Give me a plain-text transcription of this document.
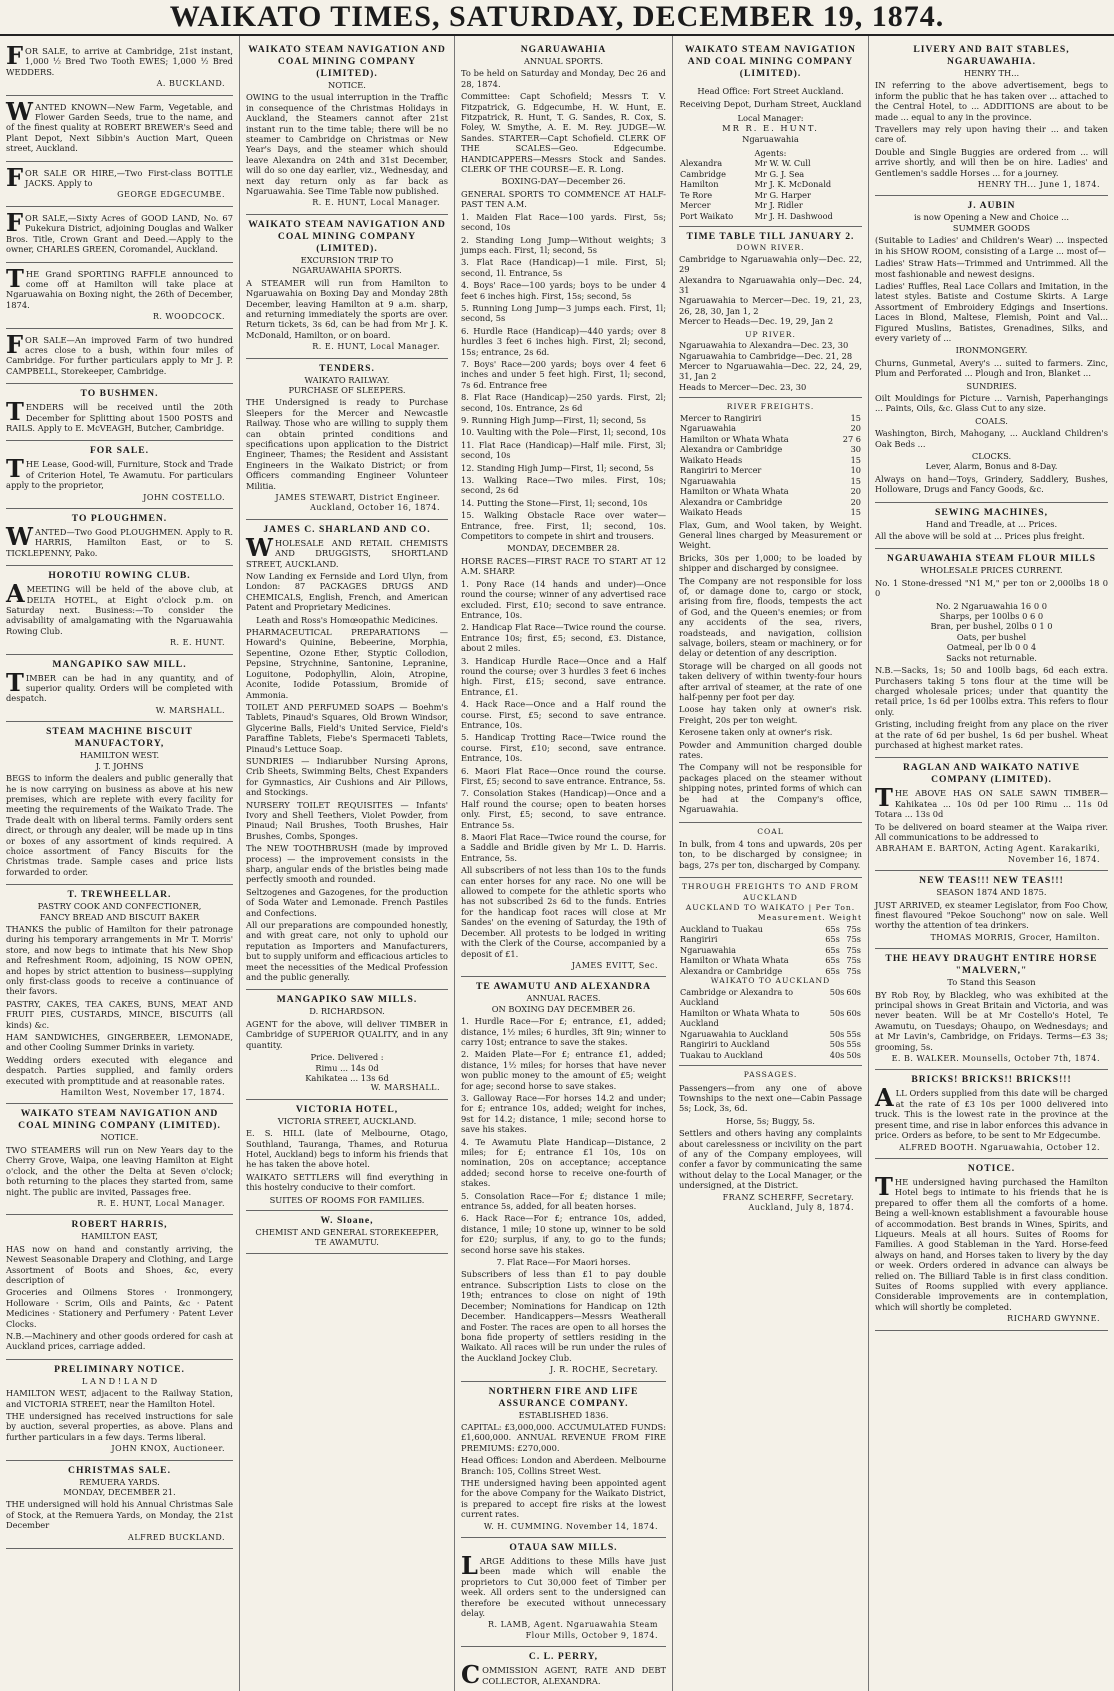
WAIKATO TIMES, SATURDAY, DECEMBER 19, 1874.
FOR SALE, to arrive at Cambridge, 21st instant, 1,000 ½ Bred Two Tooth EWES; 1,000 ½ Bred WEDDERS.
A. BUCKLAND.
WANTED KNOWN—New Farm, Vegetable, and Flower Garden Seeds, true to the name, and of the finest quality at ROBERT BREWER's Seed and Plant Depot, Next Sibbin's Auction Mart, Queen street, Auckland.
FOR SALE OR HIRE,—Two First-class BOTTLE JACKS. Apply to
GEORGE EDGECUMBE.
FOR SALE,—Sixty Acres of GOOD LAND, No. 67 Pukekura District, adjoining Douglas and Walker Bros. Title, Crown Grant and Deed.—Apply to the owner, CHARLES GREEN, Coromandel, Auckland.
THE Grand SPORTING RAFFLE announced to come off at Hamilton will take place at Ngaruawahia on Boxing night, the 26th of December, 1874.
R. WOODCOCK.
FOR SALE—An improved Farm of two hundred acres close to a bush, within four miles of Cambridge. For further particulars apply to Mr J. P. CAMPBELL, Storekeeper, Cambridge.
TO BUSHMEN.
TENDERS will be received until the 20th December for Splitting about 1500 POSTS and RAILS. Apply to E. McVEAGH, Butcher, Cambridge.
FOR SALE.
THE Lease, Good-will, Furniture, Stock and Trade of Criterion Hotel, Te Awamutu. For particulars apply to the proprietor,
JOHN COSTELLO.
TO PLOUGHMEN.
WANTED—Two Good PLOUGHMEN. Apply to R. HARRIS, Hamilton East, or to S. TICKLEPENNY, Pako.
HOROTIU ROWING CLUB.
AMEETING will be held of the above club, at DELTA HOTEL, at Eight o'clock p.m. on Saturday next. Business:—To consider the advisability of amalgamating with the Ngaruawahia Rowing Club.
R. E. HUNT.
MANGAPIKO SAW MILL.
TIMBER can be had in any quantity, and of superior quality. Orders will be completed with despatch.
W. MARSHALL.
STEAM MACHINE BISCUIT MANUFACTORY,
HAMILTON WEST.
J. T. JOHNS
BEGS to inform the dealers and public generally that he is now carrying on business as above at his new premises, which are replete with every facility for meeting the requirements of the Waikato Trade. The Trade dealt with on liberal terms. Family orders sent direct, or through any dealer, will be made up in tins or boxes of any assortment of kinds required. A choice assortment of Fancy Biscuits for the Christmas trade. Sample cases and price lists forwarded to order.
T. TREWHEELLAR.
PASTRY COOK AND CONFECTIONER,
FANCY BREAD AND BISCUIT BAKER
THANKS the public of Hamilton for their patronage during his temporary arrangements in Mr T. Morris' store, and now begs to intimate that his New Shop and Refreshment Room, adjoining, IS NOW OPEN, and hopes by strict attention to business—supplying only first-class goods to receive a continuance of their favors.
PASTRY, CAKES, TEA CAKES, BUNS, MEAT AND FRUIT PIES, CUSTARDS, MINCE, BISCUITS (all kinds) &c.
HAM SANDWICHES, GINGERBEER, LEMONADE, and other Cooling Summer Drinks in variety.
Wedding orders executed with elegance and despatch. Parties supplied, and family orders executed with promptitude and at reasonable rates.
Hamilton West, November 17, 1874.
WAIKATO STEAM NAVIGATION AND COAL MINING COMPANY (LIMITED).
NOTICE.
TWO STEAMERS will run on New Years day to the Cherry Grove, Waipa, one leaving Hamilton at Eight o'clock, and the other the Delta at Seven o'clock; both returning to the places they started from, same night. The public are invited, Passages free.
R. E. HUNT, Local Manager.
ROBERT HARRIS,
HAMILTON EAST,
HAS now on hand and constantly arriving, the Newest Seasonable Drapery and Clothing, and Large Assortment of Boots and Shoes, &c, every description of
Groceries and Oilmens Stores · Ironmongery, Holloware · Scrim, Oils and Paints, &c · Patent Medicines · Stationery and Perfumery · Patent Lever Clocks.
N.B.—Machinery and other goods ordered for cash at Auckland prices, carriage added.
PRELIMINARY NOTICE.
L A N D ! L A N D
HAMILTON WEST, adjacent to the Railway Station, and VICTORIA STREET, near the Hamilton Hotel.
THE undersigned has received instructions for sale by auction, several properties, as above. Plans and further particulars in a few days. Terms liberal.
JOHN KNOX, Auctioneer.
CHRISTMAS SALE.
REMUERA YARDS.
MONDAY, DECEMBER 21.
THE undersigned will hold his Annual Christmas Sale of Stock, at the Remuera Yards, on Monday, the 21st December
ALFRED BUCKLAND.
WAIKATO STEAM NAVIGATION AND COAL MINING COMPANY (LIMITED).
NOTICE.
OWING to the usual interruption in the Traffic in consequence of the Christmas Holidays in Auckland, the Steamers cannot after 21st instant run to the time table; there will be no steamer to Cambridge on Christmas or New Year's Days, and the steamer which should leave Alexandra on 24th and 31st December, will do so one day earlier, viz., Wednesday, and next day return only as far back as Ngaruawahia. See Time Table now published.
R. E. HUNT, Local Manager.
WAIKATO STEAM NAVIGATION AND COAL MINING COMPANY (LIMITED).
EXCURSION TRIP TO
NGARUAWAHIA SPORTS.
A STEAMER will run from Hamilton to Ngaruawahia on Boxing Day and Monday 28th December, leaving Hamilton at 9 a.m. sharp, and returning immediately the sports are over. Return tickets, 3s 6d, can be had from Mr J. K. McDonald, Hamilton, or on board.
R. E. HUNT, Local Manager.
TENDERS.
WAIKATO RAILWAY.
PURCHASE OF SLEEPERS.
THE Undersigned is ready to Purchase Sleepers for the Mercer and Newcastle Railway. Those who are willing to supply them can obtain printed conditions and specifications upon application to the District Engineer, Thames; the Resident and Assistant Engineers in the Waikato District; or from Officers commanding Engineer Volunteer Militia.
JAMES STEWART, District Engineer. Auckland, October 16, 1874.
JAMES C. SHARLAND AND CO.
WHOLESALE AND RETAIL CHEMISTS AND DRUGGISTS, SHORTLAND STREET, AUCKLAND.
Now Landing ex Fernside and Lord Ulyn, from London: 87 PACKAGES DRUGS AND CHEMICALS, English, French, and American Patent and Proprietary Medicines.
Leath and Ross's Homœopathic Medicines.
PHARMACEUTICAL PREPARATIONS — Howard's Quinine, Bebeerine, Morphia, Sepentine, Ozone Ether, Styptic Collodion, Pepsine, Strychnine, Santonine, Lepranine, Loguitone, Podophyllin, Aloin, Atropine, Aconite, Iodide Potassium, Bromide of Ammonia.
TOILET AND PERFUMED SOAPS — Boehm's Tablets, Pinaud's Squares, Old Brown Windsor, Glycerine Balls, Field's United Service, Field's Paraffine Tablets, Fiebe's Spermaceti Tablets, Pinaud's Lettuce Soap.
SUNDRIES — Indiarubber Nursing Aprons, Crib Sheets, Swimming Belts, Chest Expanders for Gymnastics, Air Cushions and Air Pillows, and Stockings.
NURSERY TOILET REQUISITES — Infants' Ivory and Shell Teethers, Violet Powder, from Pinaud; Nail Brushes, Tooth Brushes, Hair Brushes, Combs, Sponges.
The NEW TOOTHBRUSH (made by improved process) — the improvement consists in the sharp, angular ends of the bristles being made perfectly smooth and rounded.
Seltzogenes and Gazogenes, for the production of Soda Water and Lemonade. French Pastiles and Confections.
All our preparations are compounded honestly, and with great care, not only to uphold our reputation as Importers and Manufacturers, but to supply uniform and efficacious articles to meet the necessities of the Medical Profession and the public generally.
MANGAPIKO SAW MILLS.
D. RICHARDSON.
AGENT for the above, will deliver TIMBER in Cambridge of SUPERIOR QUALITY, and in any quantity.
Price. Delivered :
Rimu ... 14s 0d
Kahikatea ... 13s 6d
W. MARSHALL.
VICTORIA HOTEL,
VICTORIA STREET, AUCKLAND.
E. S. HILL (late of Melbourne, Otago, Southland, Tauranga, Thames, and Roturua Hotel, Auckland) begs to inform his friends that he has taken the above hotel.
WAIKATO SETTLERS will find everything in this hostelry conducive to their comfort.
SUITES OF ROOMS FOR FAMILIES.
W. Sloane,
CHEMIST AND GENERAL STOREKEEPER,
TE AWAMUTU.
NGARUAWAHIA
ANNUAL SPORTS.
To be held on Saturday and Monday, Dec 26 and 28, 1874.
Committee: Capt Schofield; Messrs T. V. Fitzpatrick, G. Edgecumbe, H. W. Hunt, E. Fitzpatrick, R. Hunt, T. G. Sandes, R. Cox, S. Foley, W. Smythe, A. E. M. Rey. JUDGE—W. Sandes. STARTER—Capt Schofield. CLERK OF THE SCALES—Geo. Edgecumbe. HANDICAPPERS—Messrs Stock and Sandes. CLERK OF THE COURSE—E. R. Long.
BOXING-DAY—December 26.
GENERAL SPORTS TO COMMENCE AT HALF-PAST TEN A.M.
1. Maiden Flat Race—100 yards. First, 5s; second, 10s
2. Standing Long Jump—Without weights; 3 jumps each. First, 1l; second, 5s
3. Flat Race (Handicap)—1 mile. First, 5l; second, 1l. Entrance, 5s
4. Boys' Race—100 yards; boys to be under 4 feet 6 inches high. First, 15s; second, 5s
5. Running Long Jump—3 jumps each. First, 1l; second, 5s
6. Hurdle Race (Handicap)—440 yards; over 8 hurdles 3 feet 6 inches high. First, 2l; second, 15s; entrance, 2s 6d.
7. Boys' Race—200 yards; boys over 4 feet 6 inches and under 5 feet high. First, 1l; second, 7s 6d. Entrance free
8. Flat Race (Handicap)—250 yards. First, 2l; second, 10s. Entrance, 2s 6d
9. Running High Jump—First, 1l; second, 5s
10. Vaulting with the Pole—First, 1l; second, 10s
11. Flat Race (Handicap)—Half mile. First, 3l; second, 10s
12. Standing High Jump—First, 1l; second, 5s
13. Walking Race—Two miles. First, 10s; second, 2s 6d
14. Putting the Stone—First, 1l; second, 10s
15. Walking Obstacle Race over water—Entrance, free. First, 1l; second, 10s. Competitors to compete in shirt and trousers.
MONDAY, DECEMBER 28.
HORSE RACES—FIRST RACE TO START AT 12 A.M. SHARP.
1. Pony Race (14 hands and under)—Once round the course; winner of any advertised race excluded. First, £10; second to save entrance. Entrance, 10s.
2. Handicap Flat Race—Twice round the course. Entrance 10s; first, £5; second, £3. Distance, about 2 miles.
3. Handicap Hurdle Race—Once and a Half round the course; over 3 hurdles 3 feet 6 inches high. First, £15; second, save entrance. Entrance, £1.
4. Hack Race—Once and a Half round the course. First, £5; second to save entrance. Entrance, 10s.
5. Handicap Trotting Race—Twice round the course. First, £10; second, save entrance. Entrance, 10s.
6. Maori Flat Race—Once round the course. First, £5; second to save entrance. Entrance, 5s.
7. Consolation Stakes (Handicap)—Once and a Half round the course; open to beaten horses only. First, £5; second, to save entrance. Entrance 5s.
8. Maori Flat Race—Twice round the course, for a Saddle and Bridle given by Mr L. D. Harris. Entrance, 5s.
All subscribers of not less than 10s to the funds can enter horses for any race. No one will be allowed to compete for the athletic sports who has not subscribed 2s 6d to the funds. Entries for the handicap foot races will close at Mr Sandes' on the evening of Saturday, the 19th of December. All protests to be lodged in writing with the Clerk of the Course, accompanied by a deposit of £1.
JAMES EVITT, Sec.
TE AWAMUTU AND ALEXANDRA
ANNUAL RACES.
ON BOXING DAY DECEMBER 26.
1. Hurdle Race—For £; entrance, £1, added; distance, 1½ miles; 6 hurdles, 3ft 9in; winner to carry 10st; entrance to save the stakes.
2. Maiden Plate—For £; entrance £1, added; distance, 1½ miles; for horses that have never won public money to the amount of £5; weight for age; second horse to save stakes.
3. Galloway Race—For horses 14.2 and under; for £; entrance 10s, added; weight for inches, 9st for 14.2; distance, 1 mile; second horse to save his stakes.
4. Te Awamutu Plate Handicap—Distance, 2 miles; for £; entrance £1 10s, 10s on nomination, 20s on acceptance; acceptance added; second horse to receive one-fourth of stakes.
5. Consolation Race—For £; distance 1 mile; entrance 5s, added, for all beaten horses.
6. Hack Race—For £; entrance 10s, added, distance, 1 mile; 10 stone up, winner to be sold for £20; surplus, if any, to go to the funds; second horse save his stakes.
7. Flat Race—For Maori horses.
Subscribers of less than £1 to pay double entrance. Subscription Lists to close on the 19th; entrances to close on night of 19th December; Nominations for Handicap on 12th December. Handicappers—Messrs Weatherall and Foster. The races are open to all horses the bona fide property of settlers residing in the Waikato. All races will be run under the rules of the Auckland Jockey Club.
J. R. ROCHE, Secretary.
NORTHERN FIRE AND LIFE ASSURANCE COMPANY.
ESTABLISHED 1836.
CAPITAL: £3,000,000. ACCUMULATED FUNDS: £1,600,000. ANNUAL REVENUE FROM FIRE PREMIUMS: £270,000.
Head Offices: London and Aberdeen. Melbourne Branch: 105, Collins Street West.
THE undersigned having been appointed agent for the above Company for the Waikato District, is prepared to accept fire risks at the lowest current rates.
W. H. CUMMING. November 14, 1874.
OTAUA SAW MILLS.
LARGE Additions to these Mills have just been made which will enable the proprietors to Cut 30,000 feet of Timber per week. All orders sent to the undersigned can therefore be executed without unnecessary delay.
R. LAMB, Agent. Ngaruawahia Steam Flour Mills, October 9, 1874.
C. L. PERRY,
COMMISSION AGENT, RATE AND DEBT COLLECTOR, ALEXANDRA.
WAIKATO STEAM NAVIGATION AND COAL MINING COMPANY (LIMITED).
Head Office: Fort Street Auckland.
Receiving Depot, Durham Street, Auckland
Local Manager:
MR R. E. HUNT.
Ngaruawahia
Agents:
Alexandra	Mr W. W. Cull
Cambridge	Mr G. J. Sea
Hamilton	Mr J. K. McDonald
Te Rore	Mr G. Harper
Mercer	Mr J. Ridler
Port Waikato	Mr J. H. Dashwood
TIME TABLE TILL JANUARY 2.
DOWN RIVER.
Cambridge to Ngaruawahia only—Dec. 22, 29
Alexandra to Ngaruawahia only—Dec. 24, 31
Ngaruawahia to Mercer—Dec. 19, 21, 23, 26, 28, 30, Jan 1, 2
Mercer to Heads—Dec. 19, 29, Jan 2
UP RIVER.
Ngaruawahia to Alexandra—Dec. 23, 30
Ngaruawahia to Cambridge—Dec. 21, 28
Mercer to Ngaruawahia—Dec. 22, 24, 29, 31, Jan 2
Heads to Mercer—Dec. 23, 30
RIVER FREIGHTS.
Mercer to Rangiriri	15
Ngaruawahia	20
Hamilton or Whata Whata	27 6
Alexandra or Cambridge	30
Waikato Heads	15
Rangiriri to Mercer	10
Ngaruawahia	15
Hamilton or Whata Whata	20
Alexandra or Cambridge	20
Waikato Heads	15
Flax, Gum, and Wool taken, by Weight. General lines charged by Measurement or Weight.
Bricks, 30s per 1,000; to be loaded by shipper and discharged by consignee.
The Company are not responsible for loss of, or damage done to, cargo or stock, arising from fire, floods, tempests the act of God, and the Queen's enemies; or from any accidents of the sea, rivers, roadsteads, and navigation, collision salvage, boilers, steam or machinery, or for delay or detention of any description.
Storage will be charged on all goods not taken delivery of within twenty-four hours after arrival of steamer, at the rate of one half-penny per foot per day.
Loose hay taken only at owner's risk. Freight, 20s per ton weight.
Kerosene taken only at owner's risk.
Powder and Ammunition charged double rates.
The Company will not be responsible for packages placed on the steamer without shipping notes, printed forms of which can be had at the Company's office, Ngaruawahia.
COAL
In bulk, from 4 tons and upwards, 20s per ton, to be discharged by consignee; in bags, 27s per ton, discharged by Company.
THROUGH FREIGHTS TO AND FROM AUCKLAND
AUCKLAND TO WAIKATO | Per Ton.
Measurement. Weight
Auckland to Tuakau	65s	75s
Rangiriri	65s	75s
Ngaruawahia	65s	75s
Hamilton or Whata Whata	65s	75s
Alexandra or Cambridge	65s	75s
WAIKATO TO AUCKLAND
Cambridge or Alexandra to Auckland	50s	60s
Hamilton or Whata Whata to Auckland	50s	60s
Ngaruawahia to Auckland	50s	55s
Rangiriri to Auckland	50s	55s
Tuakau to Auckland	40s	50s
PASSAGES.
Passengers—from any one of above Townships to the next one—Cabin Passage 5s; Lock, 3s, 6d.
Horse, 5s; Buggy, 5s.
Settlers and others having any complaints about carelessness or incivility on the part of any of the Company employees, will confer a favor by communicating the same without delay to the Local Manager, or the undersigned, at the District.
FRANZ SCHERFF, Secretary. Auckland, July 8, 1874.
LIVERY AND BAIT STABLES, NGARUAWAHIA.
HENRY TH...
IN referring to the above advertisement, begs to inform the public that he has taken over ... attached to the Central Hotel, to ... ADDITIONS are about to be made ... equal to any in the province.
Travellers may rely upon having their ... and taken care of.
Double and Single Buggies are ordered from ... will arrive shortly, and will then be on hire. Ladies' and Gentlemen's saddle Horses ... for a journey.
HENRY TH... June 1, 1874.
J. AUBIN
is now Opening a New and Choice ...
SUMMER GOODS
(Suitable to Ladies' and Children's Wear) ... inspected in his SHOW ROOM, consisting of a Large ... most of—
Ladies' Straw Hats—Trimmed and Untrimmed. All the most fashionable and newest designs.
Ladies' Ruffles, Real Lace Collars and Imitation, in the latest styles. Batiste and Costume Skirts. A Large Assortment of Embroidery Edgings and Insertions. Laces in Blond, Maltese, Flemish, Point and Val... Figured Muslins, Batistes, Grenadines, Silks, and every variety of ...
IRONMONGERY.
Churns, Gunmetal, Avery's ... suited to farmers. Zinc, Plum and Perforated ... Plough and Iron, Blanket ...
SUNDRIES.
Oilt Mouldings for Picture ... Varnish, Paperhangings ... Paints, Oils, &c. Glass Cut to any size.
COALS.
Washington, Birch, Mahogany, ... Auckland Children's Oak Beds ...
CLOCKS.
Lever, Alarm, Bonus and 8-Day.
Always on hand—Toys, Grindery, Saddlery, Bushes, Holloware, Drugs and Fancy Goods, &c.
SEWING MACHINES,
Hand and Treadle, at ... Prices.
All the above will be sold at ... Prices plus freight.
NGARUAWAHIA STEAM FLOUR MILLS
WHOLESALE PRICES CURRENT.
No. 1 Stone-dressed "N1 M," per ton or 2,000lbs 18 0 0
No. 2 Ngaruawahia 16 0 0
Sharps, per 100lbs 0 6 0
Bran, per bushel, 20lbs 0 1 0
Oats, per bushel
Oatmeal, per lb 0 0 4
Sacks not returnable.
N.B.—Sacks, 1s; 50 and 100lb bags, 6d each extra. Purchasers taking 5 tons flour at the time will be charged wholesale prices; under that quantity the retail price, 1s 6d per 100lbs extra. This refers to flour only.
Gristing, including freight from any place on the river at the rate of 6d per bushel, 1s 6d per bushel. Wheat purchased at highest market rates.
RAGLAN AND WAIKATO NATIVE COMPANY (LIMITED).
THE ABOVE HAS ON SALE SAWN TIMBER— Kahikatea ... 10s 0d per 100 Rimu ... 11s 0d Totara ... 13s 0d
To be delivered on board steamer at the Waipa river. All communications to be addressed to
ABRAHAM E. BARTON, Acting Agent. Karakariki, November 16, 1874.
NEW TEAS!!! NEW TEAS!!!
SEASON 1874 AND 1875.
JUST ARRIVED, ex steamer Legislator, from Foo Chow, finest flavoured "Pekoe Souchong" now on sale. Well worthy the attention of tea drinkers.
THOMAS MORRIS, Grocer, Hamilton.
THE HEAVY DRAUGHT ENTIRE HORSE "MALVERN,"
To Stand this Season
BY Rob Roy, by Blackleg, who was exhibited at the principal shows in Great Britain and Victoria, and was never beaten. Will be at Mr Costello's Hotel, Te Awamutu, on Tuesdays; Ohaupo, on Wednesdays; and at Mr Lavin's, Cambridge, on Fridays. Terms—£3 3s; grooming, 5s.
E. B. WALKER. Mounsells, October 7th, 1874.
BRICKS! BRICKS!! BRICKS!!!
ALL Orders supplied from this date will be charged at the rate of £3 10s per 1000 delivered into truck. This is the lowest rate in the province at the present time, and rise in labor enforces this advance in price. Orders as before, to be sent to Mr Edgecumbe.
ALFRED BOOTH. Ngaruawahia, October 12.
NOTICE.
THE undersigned having purchased the Hamilton Hotel begs to intimate to his friends that he is prepared to offer them all the comforts of a home. Being a well-known establishment a favourable house of accommodation. Best brands in Wines, Spirits, and Liqueurs. Meals at all hours. Suites of Rooms for Families. A good Stableman in the Yard. Horse-feed always on hand, and Horses taken to livery by the day or week. Orders ordered in advance can always be relied on. The Billiard Table is in first class condition. Suites of Rooms supplied with every appliance. Considerable improvements are in contemplation, which will shortly be completed.
RICHARD GWYNNE.
